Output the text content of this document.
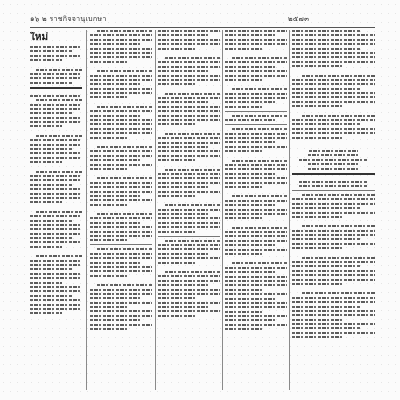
๑๖ ๒ ราชกิจจานุเบกษา	๒๕๗๓
ใหม่
